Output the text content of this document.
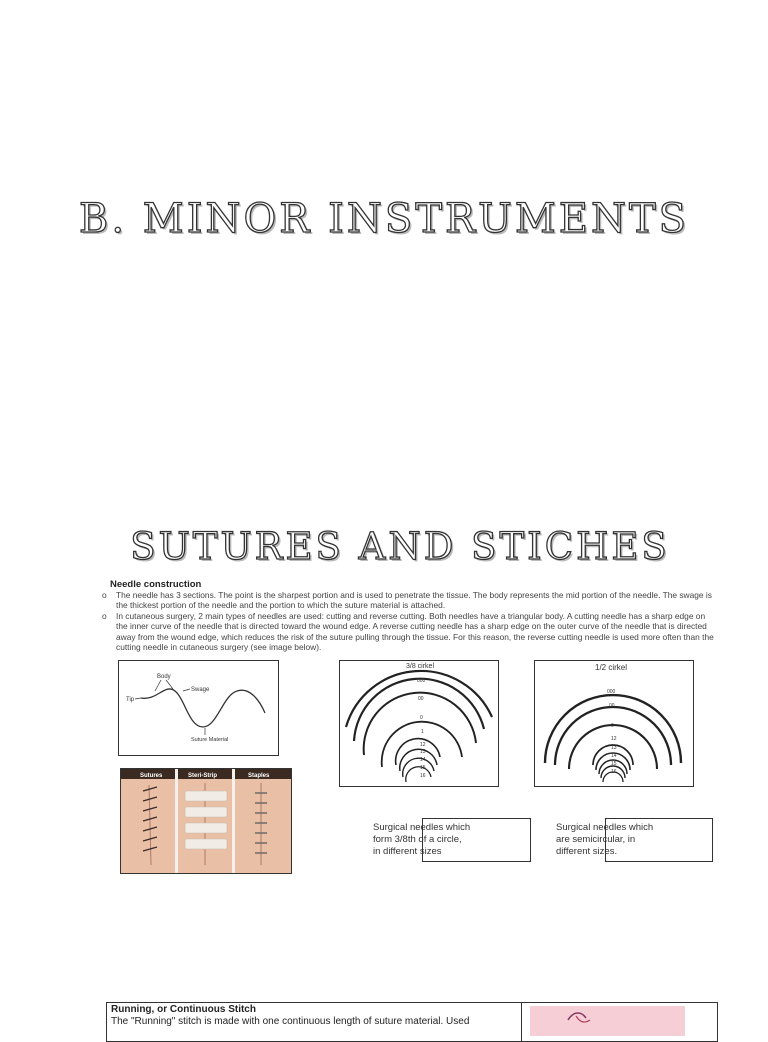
B. MINOR INSTRUMENTS
SUTURES AND STICHES
Needle construction
o The needle has 3 sections. The point is the sharpest portion and is used to penetrate the tissue. The body represents the mid portion of the needle. The swage is the thickest portion of the needle and the portion to which the suture material is attached.
o In cutaneous surgery, 2 main types of needles are used: cutting and reverse cutting. Both needles have a triangular body. A cutting needle has a sharp edge on the inner curve of the needle that is directed toward the wound edge. A reverse cutting needle has a sharp edge on the outer curve of the needle that is directed away from the wound edge, which reduces the risk of the suture pulling through the tissue. For this reason, the reverse cutting needle is used more often than the cutting needle in cutaneous surgery (see image below).
Tip
Body
Swage
Suture Material
Sutures	Steri-Strip	Staples
3/8 cirkel
000
00
0
1
12
13
14
15
16
1/2 cirkel
000
00
0
12
13
14
15
16
Surgical needles which
form 3/8th of a circle,
in different sizes
Surgical needles which
are semicircular, in
different sizes.
Running, or Continuous Stitch
The "Running" stitch is made with one continuous length of suture material. Used
